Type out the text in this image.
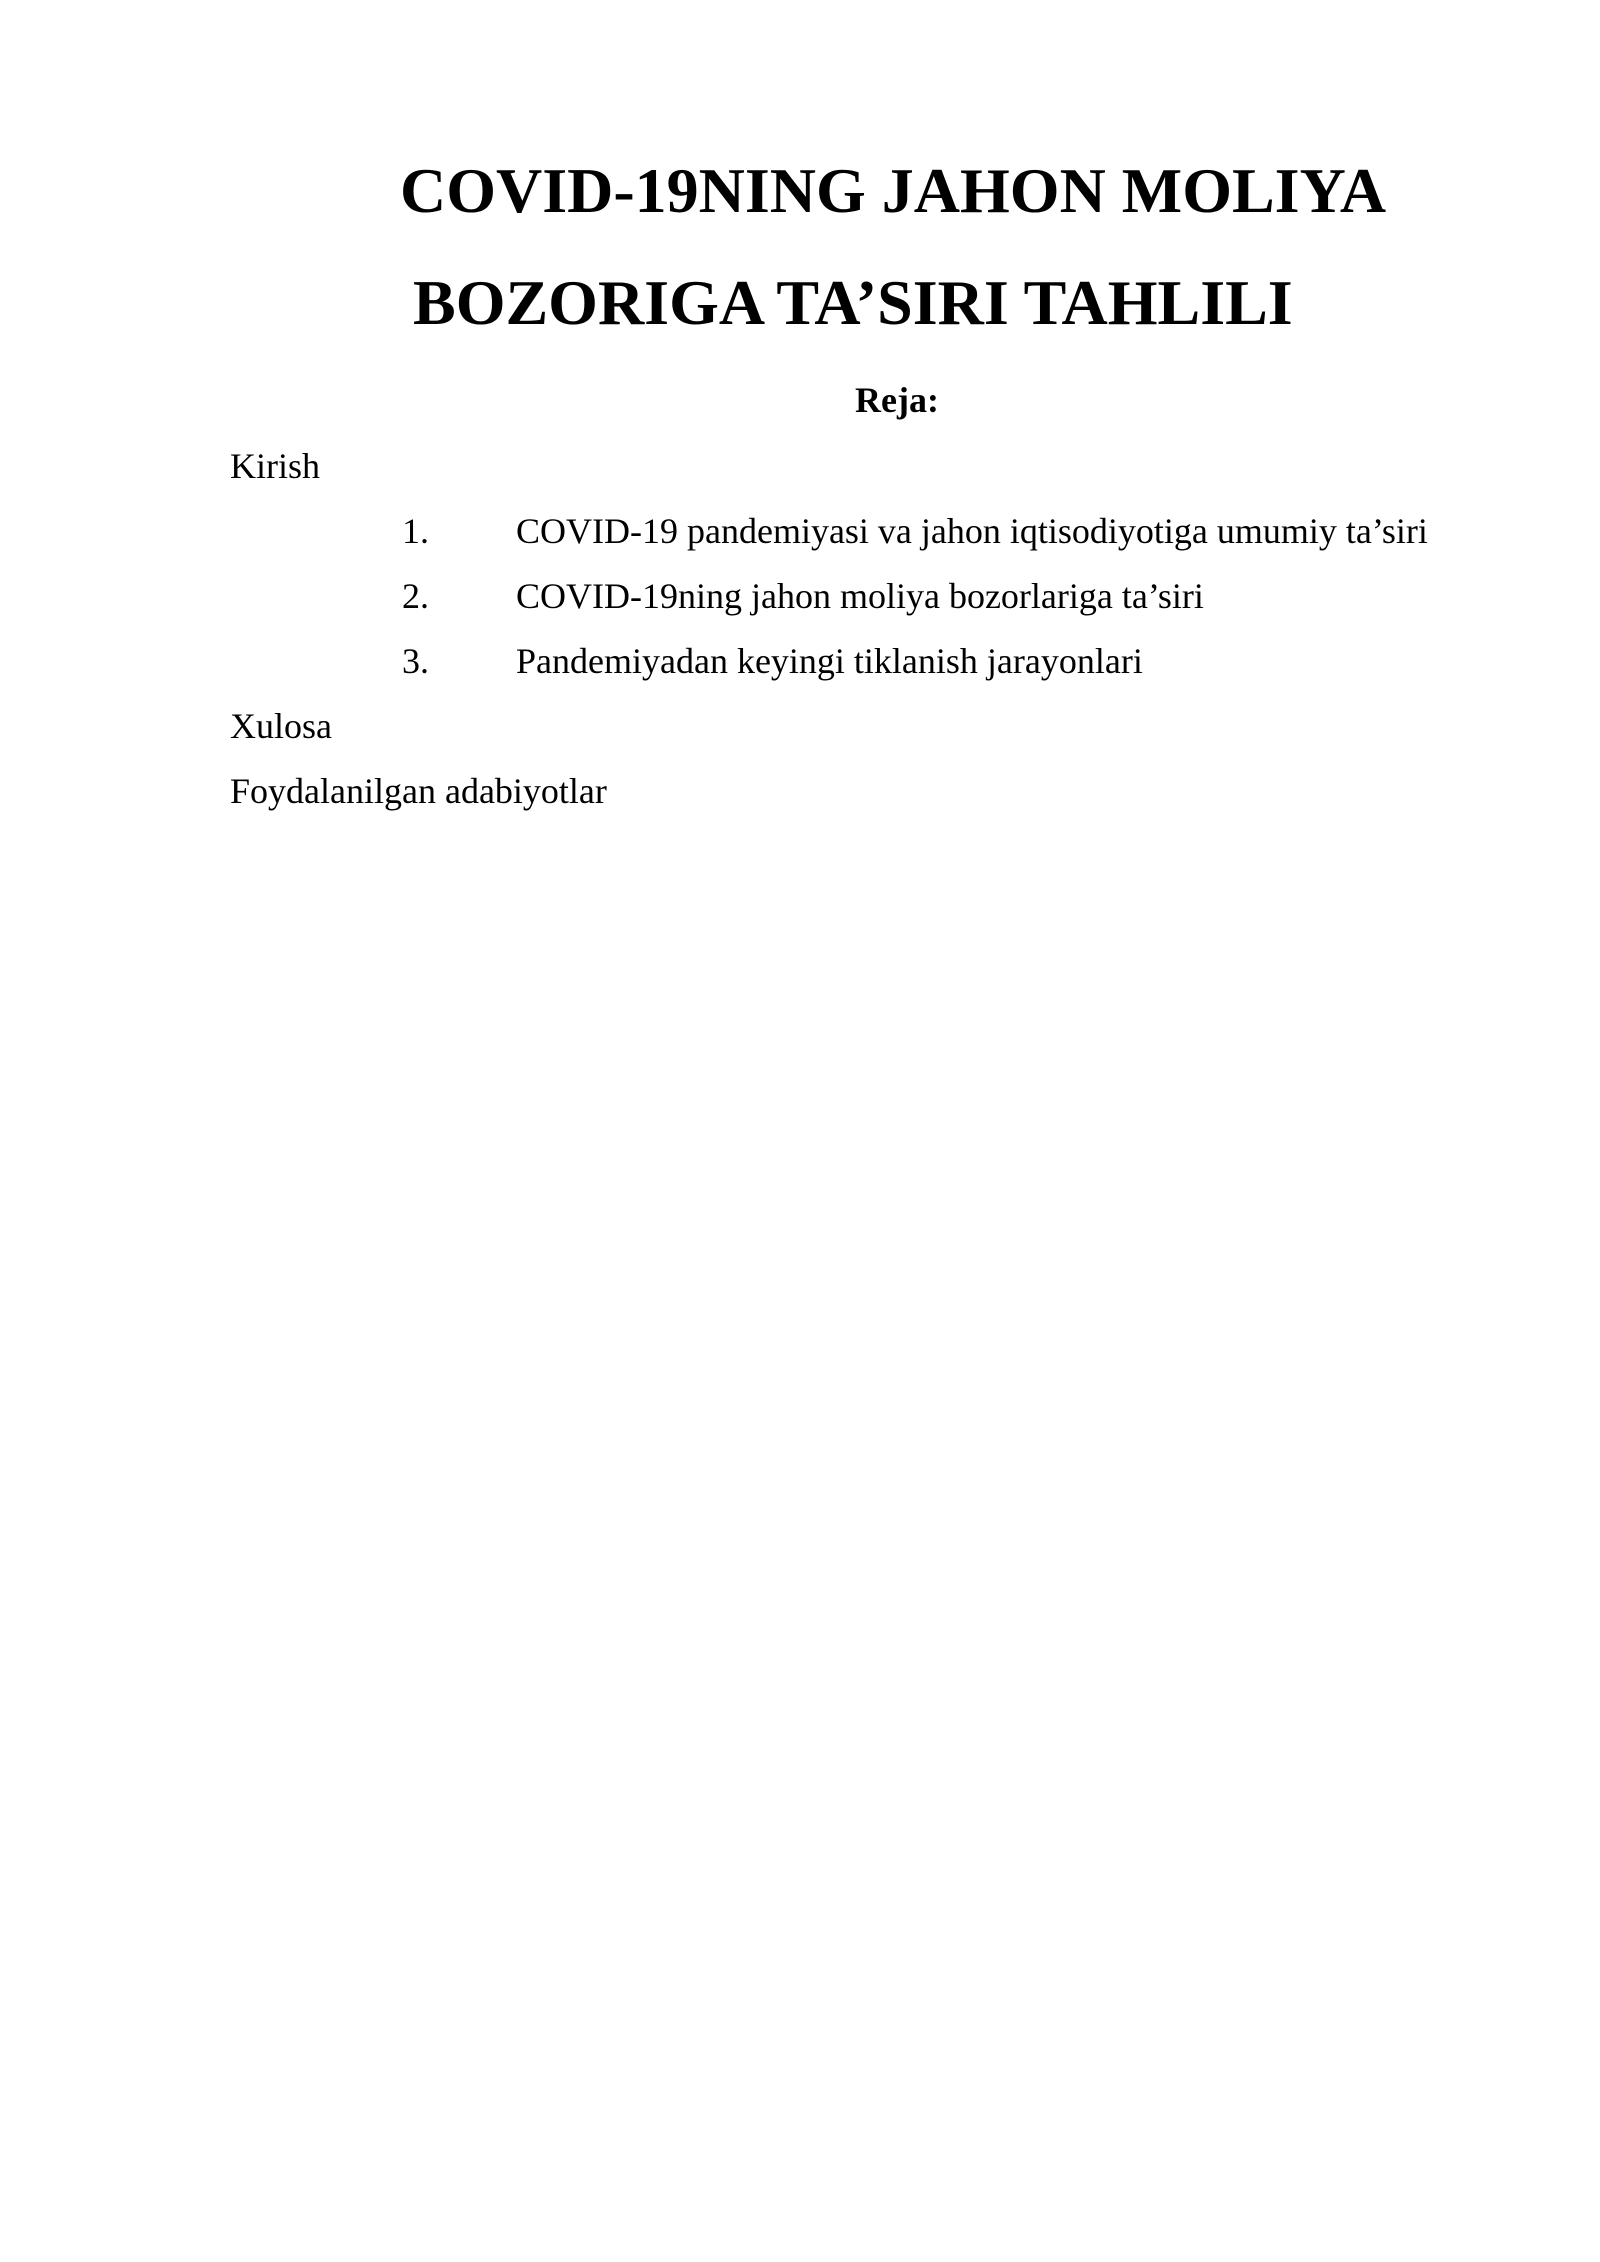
COVID-19NING JAHON MOLIYA
BOZORIGA TA’SIRI TAHLILI
Reja:
Kirish
1. COVID-19 pandemiyasi va jahon iqtisodiyotiga umumiy ta’siri
2. COVID-19ning jahon moliya bozorlariga ta’siri
3. Pandemiyadan keyingi tiklanish jarayonlari
Xulosa
Foydalanilgan adabiyotlar
